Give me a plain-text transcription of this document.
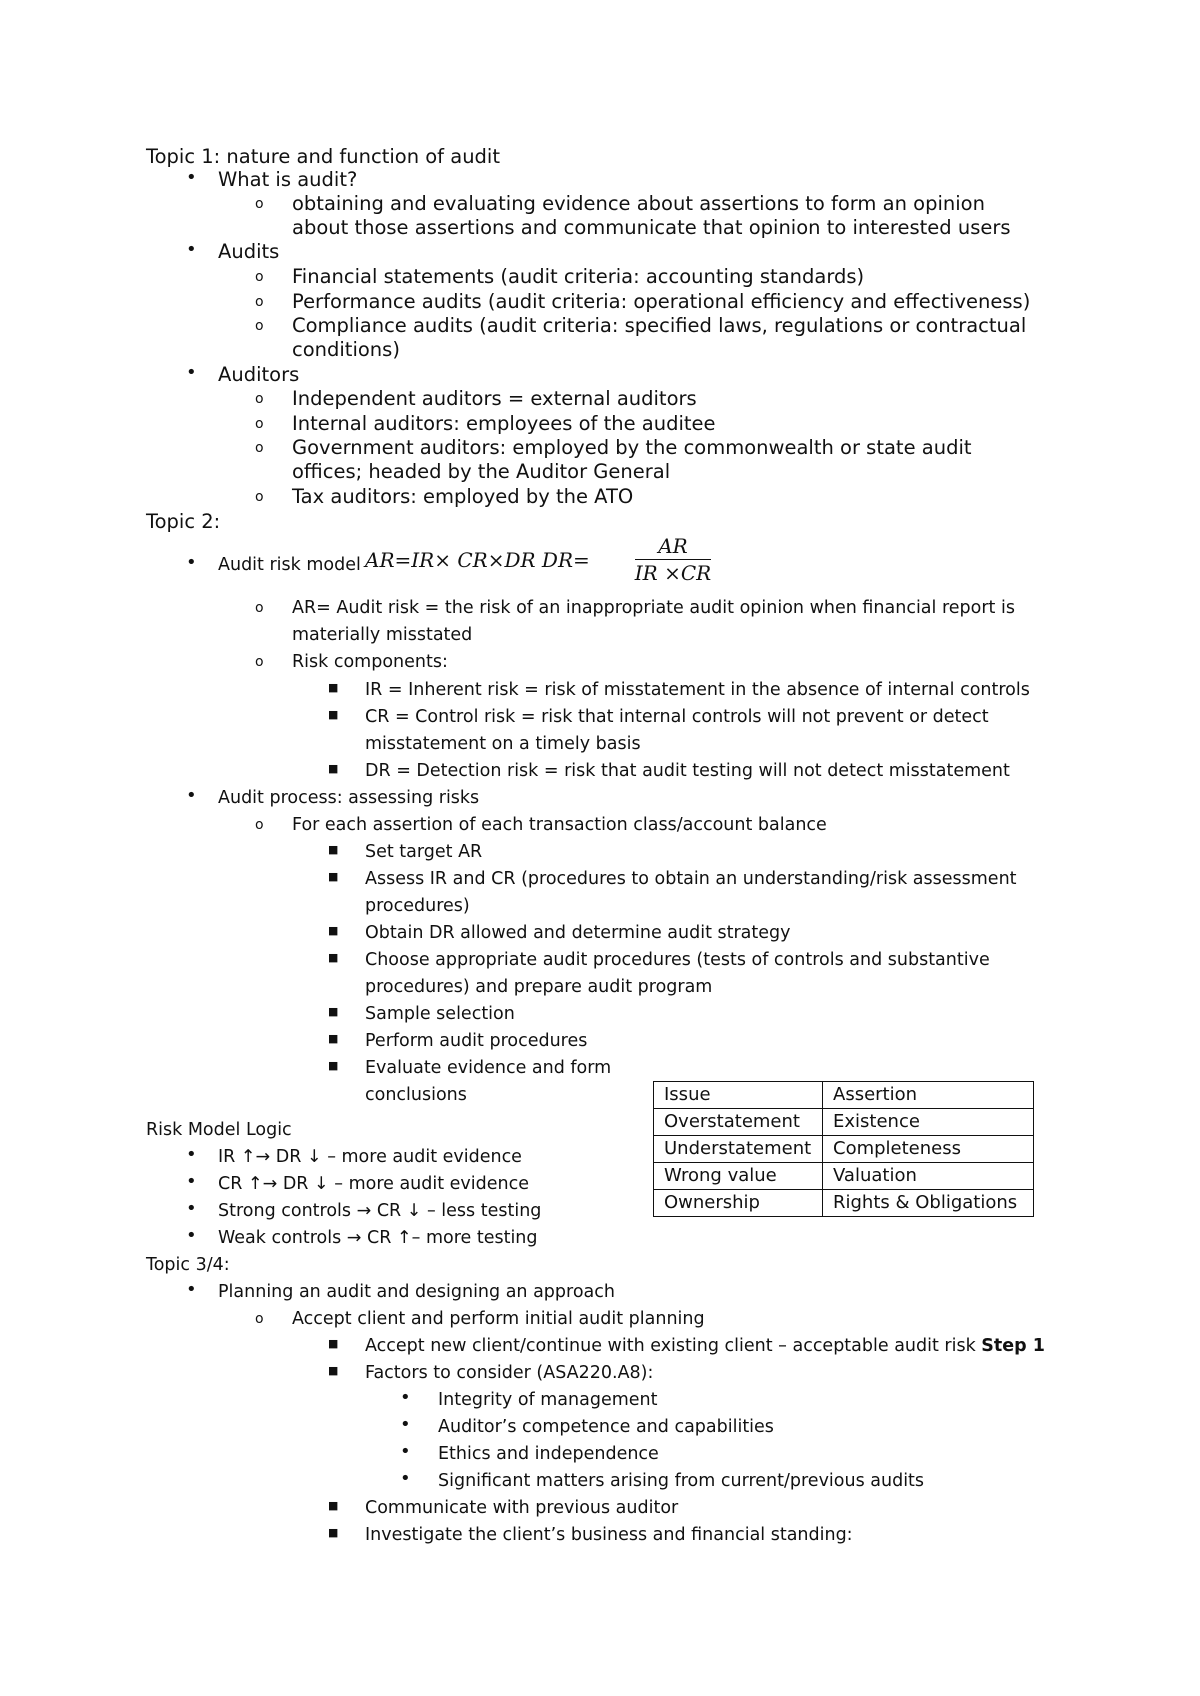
Topic 1: nature and function of audit
• What is audit?
o obtaining and evaluating evidence about assertions to form an opinion
about those assertions and communicate that opinion to interested users
• Audits
o Financial statements (audit criteria: accounting standards)
o Performance audits (audit criteria: operational efficiency and effectiveness)
o Compliance audits (audit criteria: specified laws, regulations or contractual
conditions)
• Auditors
o Independent auditors = external auditors
o Internal auditors: employees of the auditee
o Government auditors: employed by the commonwealth or state audit
offices; headed by the Auditor General
o Tax auditors: employed by the ATO
Topic 2:
• Audit risk model AR=IR× CR×DR DR=
AR
IR ×CR
o AR= Audit risk = the risk of an inappropriate audit opinion when financial report is
materially misstated
o Risk components:
■ IR = Inherent risk = risk of misstatement in the absence of internal controls
■ CR = Control risk = risk that internal controls will not prevent or detect
misstatement on a timely basis
■ DR = Detection risk = risk that audit testing will not detect misstatement
• Audit process: assessing risks
o For each assertion of each transaction class/account balance
■ Set target AR
■ Assess IR and CR (procedures to obtain an understanding/risk assessment
procedures)
■ Obtain DR allowed and determine audit strategy
■ Choose appropriate audit procedures (tests of controls and substantive
procedures) and prepare audit program
■ Sample selection
■ Perform audit procedures
■ Evaluate evidence and form
conclusions
Risk Model Logic
• IR ↑→ DR ↓ – more audit evidence
• CR ↑→ DR ↓ – more audit evidence
• Strong controls → CR ↓ – less testing
• Weak controls → CR ↑– more testing
Issue	Assertion
Overstatement	Existence
Understatement	Completeness
Wrong value	Valuation
Ownership	Rights & Obligations
Topic 3/4:
• Planning an audit and designing an approach
o Accept client and perform initial audit planning
■ Accept new client/continue with existing client – acceptable audit risk Step 1
■ Factors to consider (ASA220.A8):
• Integrity of management
• Auditor’s competence and capabilities
• Ethics and independence
• Significant matters arising from current/previous audits
■ Communicate with previous auditor
■ Investigate the client’s business and financial standing:
